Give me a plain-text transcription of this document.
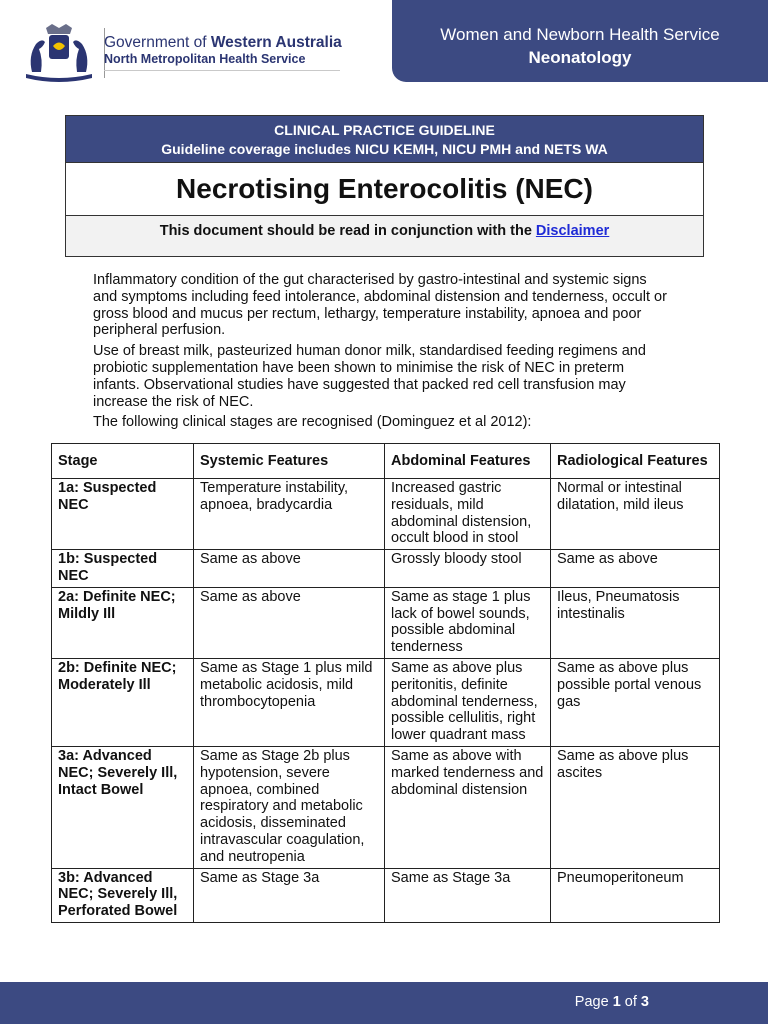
Government of Western Australia
North Metropolitan Health Service
Women and Newborn Health Service
Neonatology
CLINICAL PRACTICE GUIDELINE
Guideline coverage includes NICU KEMH, NICU PMH and NETS WA
Necrotising Enterocolitis (NEC)
This document should be read in conjunction with the Disclaimer

Inflammatory condition of the gut characterised by gastro-intestinal and systemic signs and symptoms including feed intolerance, abdominal distension and tenderness, occult or gross blood and mucus per rectum, lethargy, temperature instability, apnoea and poor peripheral perfusion.

Use of breast milk, pasteurized human donor milk, standardised feeding regimens and probiotic supplementation have been shown to minimise the risk of NEC in preterm infants. Observational studies have suggested that packed red cell transfusion may increase the risk of NEC.

The following clinical stages are recognised (Dominguez et al 2012):

Stage	Systemic Features	Abdominal Features	Radiological Features
1a: Suspected NEC	Temperature instability, apnoea, bradycardia	Increased gastric residuals, mild abdominal distension, occult blood in stool	Normal or intestinal dilatation, mild ileus
1b: Suspected NEC	Same as above	Grossly bloody stool	Same as above
2a: Definite NEC; Mildly Ill	Same as above	Same as stage 1 plus lack of bowel sounds, possible abdominal tenderness	Ileus, Pneumatosis intestinalis
2b: Definite NEC; Moderately Ill	Same as Stage 1 plus mild metabolic acidosis, mild thrombocytopenia	Same as above plus peritonitis, definite abdominal tenderness, possible cellulitis, right lower quadrant mass	Same as above plus possible portal venous gas
3a: Advanced NEC; Severely Ill, Intact Bowel	Same as Stage 2b plus hypotension, severe apnoea, combined respiratory and metabolic acidosis, disseminated intravascular coagulation, and neutropenia	Same as above with marked tenderness and abdominal distension	Same as above plus ascites
3b: Advanced NEC; Severely Ill, Perforated Bowel	Same as Stage 3a	Same as Stage 3a	Pneumoperitoneum
Page 1 of 3
